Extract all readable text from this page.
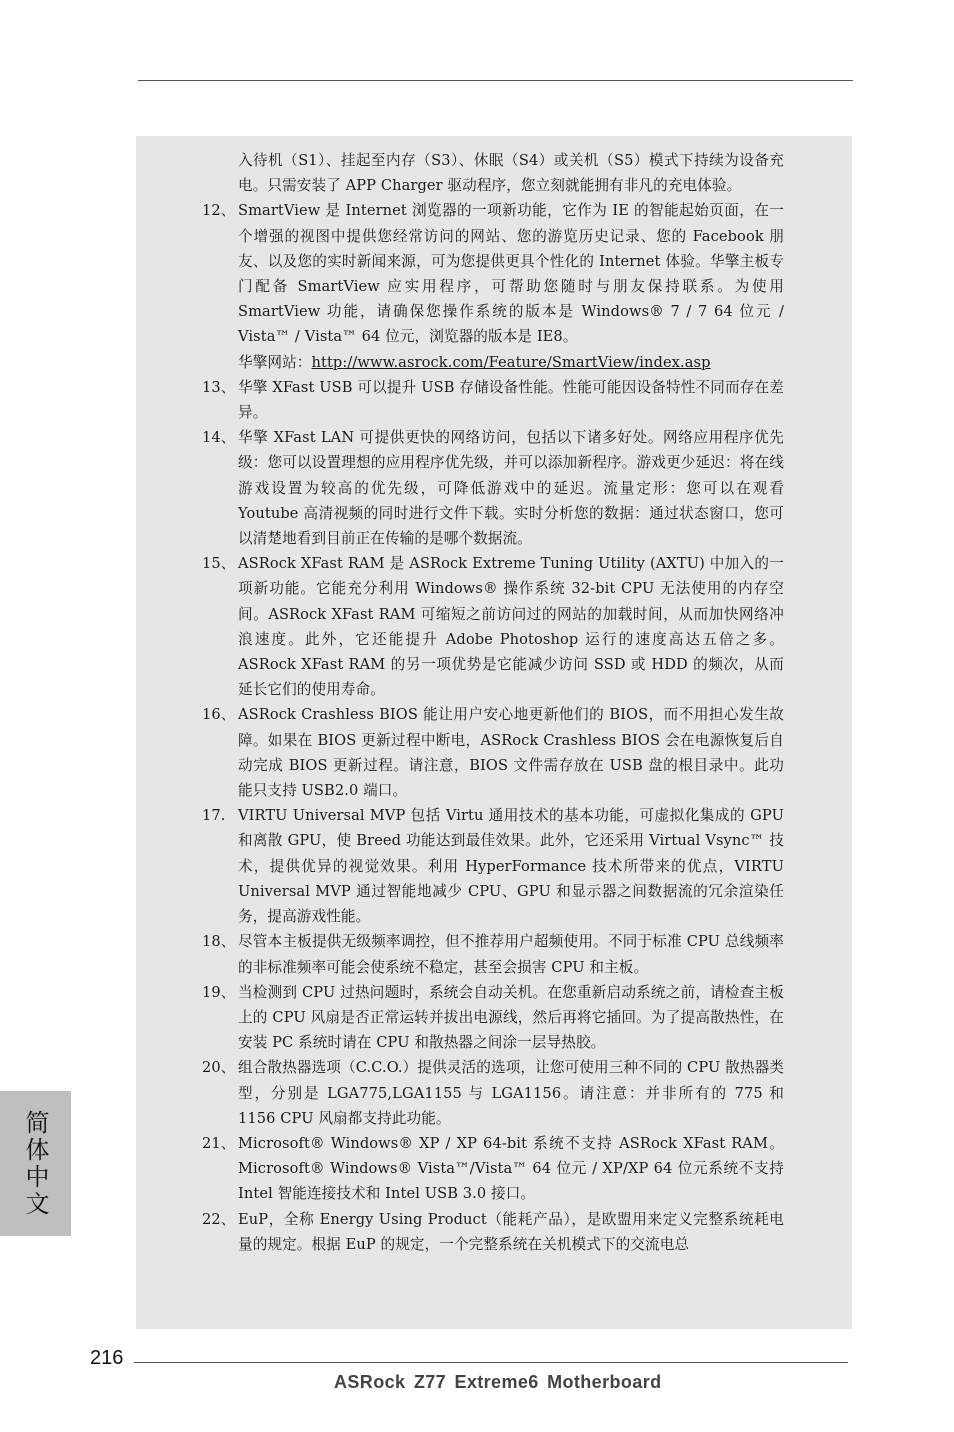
入待机（S1）、挂起至内存（S3）、休眠（S4）或关机（S5）模式下持续为设备充电。只需安装了 APP Charger 驱动程序，您立刻就能拥有非凡的充电体验。

12、 SmartView 是 Internet 浏览器的一项新功能，它作为 IE 的智能起始页面，在一个增强的视图中提供您经常访问的网站、您的游览历史记录、您的 Facebook 朋友、以及您的实时新闻来源，可为您提供更具个性化的 Internet 体验。华擎主板专门配备 SmartView 应实用程序，可帮助您随时与朋友保持联系。为使用 SmartView 功能，请确保您操作系统的版本是 Windows® 7 / 7 64 位元 / Vista™ / Vista™ 64 位元，浏览器的版本是 IE8。

华擎网站：http://www.asrock.com/Feature/SmartView/index.asp

13、 华擎 XFast USB 可以提升 USB 存储设备性能。性能可能因设备特性不同而存在差异。

14、 华擎 XFast LAN 可提供更快的网络访问，包括以下诸多好处。网络应用程序优先级：您可以设置理想的应用程序优先级，并可以添加新程序。游戏更少延迟：将在线游戏设置为较高的优先级，可降低游戏中的延迟。流量定形：您可以在观看 Youtube 高清视频的同时进行文件下载。实时分析您的数据：通过状态窗口，您可以清楚地看到目前正在传输的是哪个数据流。

15、 ASRock XFast RAM 是 ASRock Extreme Tuning Utility (AXTU) 中加入的一项新功能。它能充分利用 Windows® 操作系统 32-bit CPU 无法使用的内存空间。ASRock XFast RAM 可缩短之前访问过的网站的加载时间，从而加快网络冲浪速度。此外，它还能提升 Adobe Photoshop 运行的速度高达五倍之多。ASRock XFast RAM 的另一项优势是它能减少访问 SSD 或 HDD 的频次，从而延长它们的使用寿命。

16、 ASRock Crashless BIOS 能让用户安心地更新他们的 BIOS，而不用担心发生故障。如果在 BIOS 更新过程中断电，ASRock Crashless BIOS 会在电源恢复后自动完成 BIOS 更新过程。请注意，BIOS 文件需存放在 USB 盘的根目录中。此功能只支持 USB2.0 端口。

17. VIRTU Universal MVP 包括 Virtu 通用技术的基本功能，可虚拟化集成的 GPU 和离散 GPU，使 Breed 功能达到最佳效果。此外，它还采用 Virtual Vsync™ 技术，提供优异的视觉效果。利用 HyperFormance 技术所带来的优点，VIRTU Universal MVP 通过智能地减少 CPU、GPU 和显示器之间数据流的冗余渲染任务，提高游戏性能。

18、 尽管本主板提供无级频率调控，但不推荐用户超频使用。不同于标准 CPU 总线频率的非标准频率可能会使系统不稳定，甚至会损害 CPU 和主板。

19、 当检测到 CPU 过热问题时，系统会自动关机。在您重新启动系统之前，请检查主板上的 CPU 风扇是否正常运转并拔出电源线，然后再将它插回。为了提高散热性，在安装 PC 系统时请在 CPU 和散热器之间涂一层导热胶。

20、 组合散热器选项（C.C.O.）提供灵活的选项，让您可使用三种不同的 CPU 散热器类型，分别是 LGA775,LGA1155 与 LGA1156。请注意：并非所有的 775 和 1156 CPU 风扇都支持此功能。

21、 Microsoft® Windows® XP / XP 64-bit 系统不支持 ASRock XFast RAM。Microsoft® Windows® Vista™/Vista™ 64 位元 / XP/XP 64 位元系统不支持 Intel 智能连接技术和 Intel USB 3.0 接口。

22、 EuP，全称 Energy Using Product（能耗产品），是欧盟用来定义完整系统耗电量的规定。根据 EuP 的规定，一个完整系统在关机模式下的交流电总

简体中文
216
ASRock Z77 Extreme6 Motherboard
